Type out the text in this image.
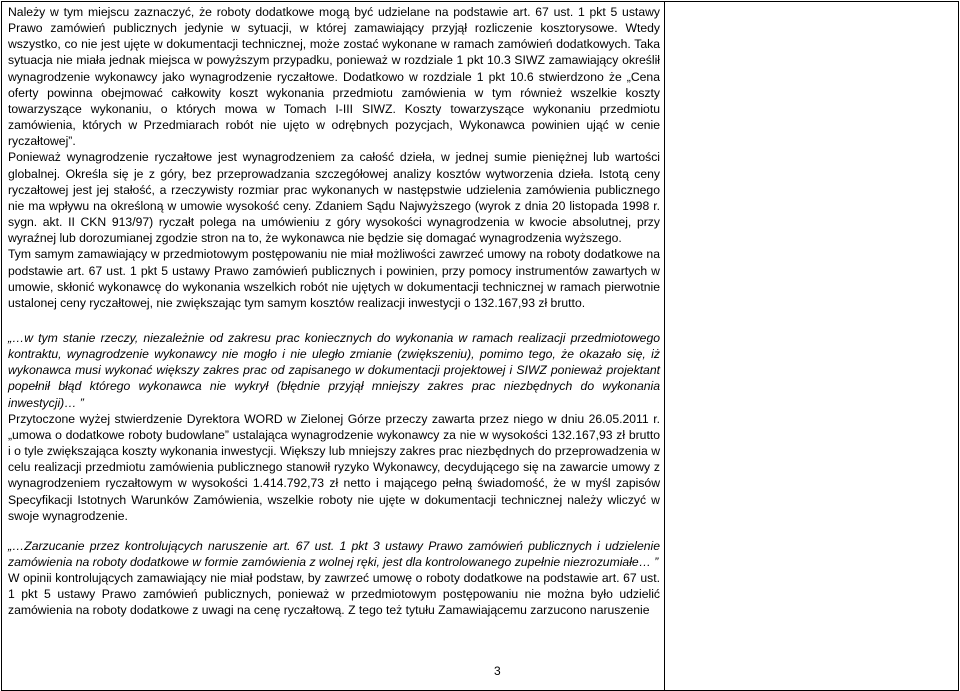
Należy w tym miejscu zaznaczyć, że roboty dodatkowe mogą być udzielane na podstawie art. 67 ust. 1 pkt 5 ustawy Prawo zamówień publicznych jedynie w sytuacji, w której zamawiający przyjął rozliczenie kosztorysowe. Wtedy wszystko, co nie jest ujęte w dokumentacji technicznej, może zostać wykonane w ramach zamówień dodatkowych. Taka sytuacja nie miała jednak miejsca w powyższym przypadku, ponieważ w rozdziale 1 pkt 10.3 SIWZ zamawiający określił wynagrodzenie wykonawcy jako wynagrodzenie ryczałtowe. Dodatkowo w rozdziale 1 pkt 10.6 stwierdzono że „Cena oferty powinna obejmować całkowity koszt wykonania przedmiotu zamówienia w tym również wszelkie koszty towarzyszące wykonaniu, o których mowa w Tomach I-III SIWZ. Koszty towarzyszące wykonaniu przedmiotu zamówienia, których w Przedmiarach robót nie ujęto w odrębnych pozycjach, Wykonawca powinien ująć w cenie ryczałtowej”.

Ponieważ wynagrodzenie ryczałtowe jest wynagrodzeniem za całość dzieła, w jednej sumie pieniężnej lub wartości globalnej. Określa się je z góry, bez przeprowadzania szczegółowej analizy kosztów wytworzenia dzieła. Istotą ceny ryczałtowej jest jej stałość, a rzeczywisty rozmiar prac wykonanych w następstwie udzielenia zamówienia publicznego nie ma wpływu na określoną w umowie wysokość ceny. Zdaniem Sądu Najwyższego (wyrok z dnia 20 listopada 1998 r. sygn. akt. II CKN 913/97) ryczałt polega na umówieniu z góry wysokości wynagrodzenia w kwocie absolutnej, przy wyraźnej lub dorozumianej zgodzie stron na to, że wykonawca nie będzie się domagać wynagrodzenia wyższego.

Tym samym zamawiający w przedmiotowym postępowaniu nie miał możliwości zawrzeć umowy na roboty dodatkowe na podstawie art. 67 ust. 1 pkt 5 ustawy Prawo zamówień publicznych i powinien, przy pomocy instrumentów zawartych w umowie, skłonić wykonawcę do wykonania wszelkich robót nie ujętych w dokumentacji technicznej w ramach pierwotnie ustalonej ceny ryczałtowej, nie zwiększając tym samym kosztów realizacji inwestycji o 132.167,93 zł brutto.

„…w tym stanie rzeczy, niezależnie od zakresu prac koniecznych do wykonania w ramach realizacji przedmiotowego kontraktu, wynagrodzenie wykonawcy nie mogło i nie uległo zmianie (zwiększeniu), pomimo tego, że okazało się, iż wykonawca musi wykonać większy zakres prac od zapisanego w dokumentacji projektowej i SIWZ ponieważ projektant popełnił błąd którego wykonawca nie wykrył (błędnie przyjął mniejszy zakres prac niezbędnych do wykonania inwestycji)… ”

Przytoczone wyżej stwierdzenie Dyrektora WORD w Zielonej Górze przeczy zawarta przez niego w dniu 26.05.2011 r. „umowa o dodatkowe roboty budowlane” ustalająca wynagrodzenie wykonawcy za nie w wysokości 132.167,93 zł brutto i o tyle zwiększająca koszty wykonania inwestycji. Większy lub mniejszy zakres prac niezbędnych do przeprowadzenia w celu realizacji przedmiotu zamówienia publicznego stanowił ryzyko Wykonawcy, decydującego się na zawarcie umowy z wynagrodzeniem ryczałtowym w wysokości 1.414.792,73 zł netto i mającego pełną świadomość, że w myśl zapisów Specyfikacji Istotnych Warunków Zamówienia, wszelkie roboty nie ujęte w dokumentacji technicznej należy wliczyć w swoje wynagrodzenie.

„…Zarzucanie przez kontrolujących naruszenie art. 67 ust. 1 pkt 3 ustawy Prawo zamówień publicznych i udzielenie zamówienia na roboty dodatkowe w formie zamówienia z wolnej ręki, jest dla kontrolowanego zupełnie niezrozumiałe… ”

W opinii kontrolujących zamawiający nie miał podstaw, by zawrzeć umowę o roboty dodatkowe na podstawie art. 67 ust. 1 pkt 5 ustawy Prawo zamówień publicznych, ponieważ w przedmiotowym postępowaniu nie można było udzielić zamówienia na roboty dodatkowe z uwagi na cenę ryczałtową. Z tego też tytułu Zamawiającemu zarzucono naruszenie

3
